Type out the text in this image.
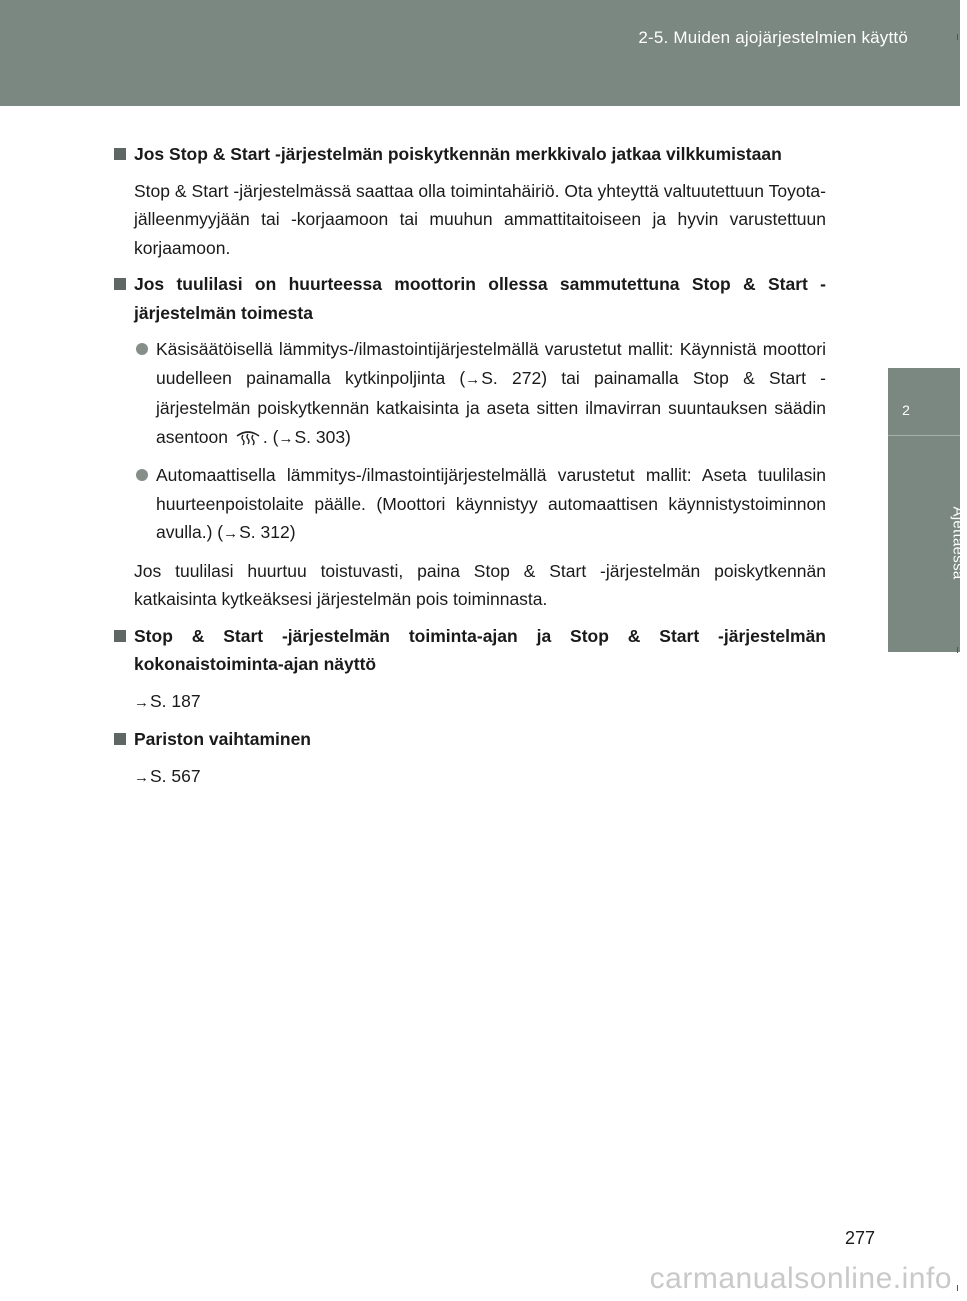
2-5. Muiden ajojärjestelmien käyttö
2
Ajettaessa
Jos Stop & Start -järjestelmän poiskytkennän merkkivalo jatkaa vilkkumistaan
Stop & Start -järjestelmässä saattaa olla toimintahäiriö. Ota yhteyttä valtuutettuun Toyota-jälleenmyyjään tai -korjaamoon tai muuhun ammattitaitoiseen ja hyvin varustettuun korjaamoon.
Jos tuulilasi on huurteessa moottorin ollessa sammutettuna Stop & Start -järjestelmän toimesta
Käsisäätöisellä lämmitys-/ilmastointijärjestelmällä varustetut mallit: Käynnistä moottori uudelleen painamalla kytkinpoljinta (→S. 272) tai painamalla Stop & Start -järjestelmän poiskytkennän katkaisinta ja aseta sitten ilmavirran suuntauksen säädin asentoon . (→S. 303)
Automaattisella lämmitys-/ilmastointijärjestelmällä varustetut mallit: Aseta tuulilasin huurteenpoistolaite päälle. (Moottori käynnistyy automaattisen käynnistystoiminnon avulla.) (→S. 312)
Jos tuulilasi huurtuu toistuvasti, paina Stop & Start -järjestelmän poiskytkennän katkaisinta kytkeäksesi järjestelmän pois toiminnasta.
Stop & Start -järjestelmän toiminta-ajan ja Stop & Start -järjestelmän kokonaistoiminta-ajan näyttö
→S. 187
Pariston vaihtaminen
→S. 567
277
carmanualsonline.info
